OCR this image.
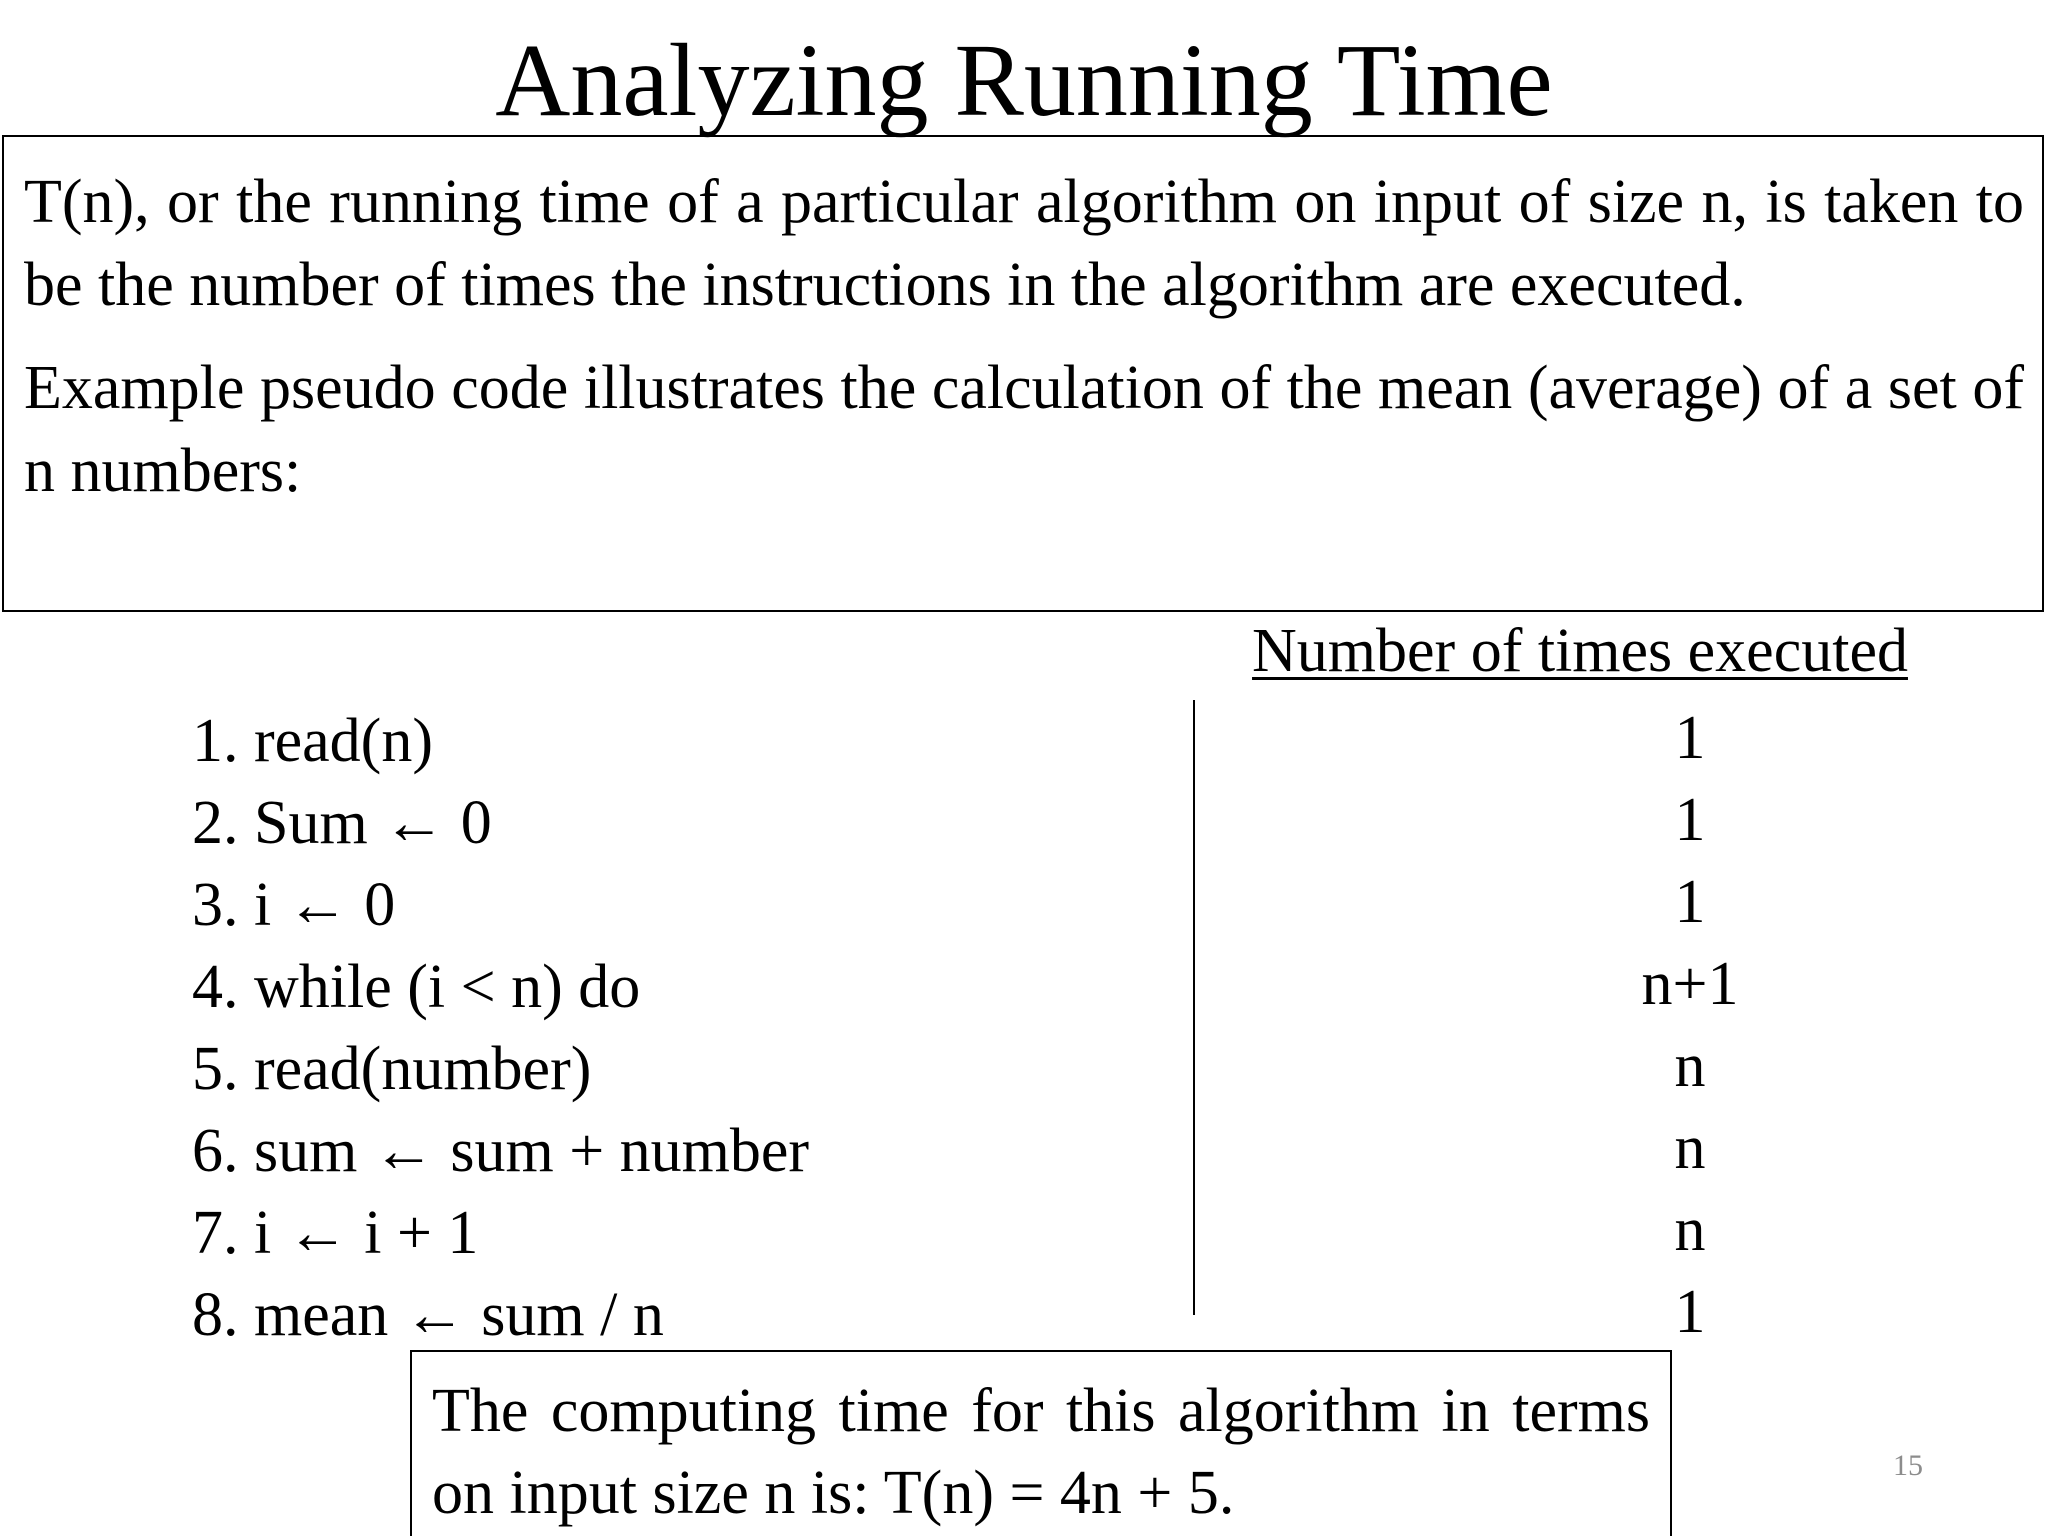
Analyzing Running Time

T(n), or the running time of a particular algorithm on input of size n, is taken to be the number of times the instructions in the algorithm are executed.

Example pseudo code illustrates the calculation of the mean (average) of a set of n numbers:

Number of times executed
1. read(n)
2. Sum ← 0
3. i ← 0
4. while (i < n) do
5. read(number)
6. sum ← sum + number
7. i ← i + 1
8. mean ← sum / n
1
1
1
n+1
n
n
n
1
The computing time for this algorithm in terms on input size n is: T(n) = 4n + 5.	15
